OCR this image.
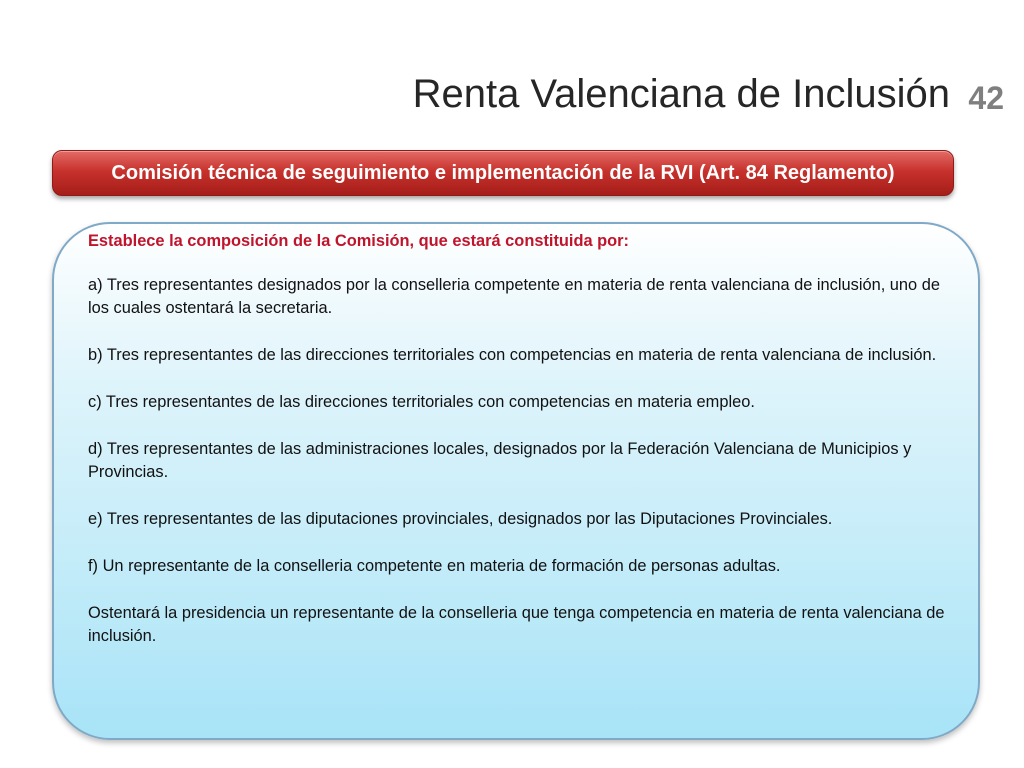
Renta Valenciana de Inclusión 42
Comisión técnica de seguimiento e implementación de la RVI (Art. 84 Reglamento)

Establece la composición de la Comisión, que estará constituida por:

a) Tres representantes designados por la conselleria competente en materia de renta valenciana de inclusión, uno de los cuales ostentará la secretaria.

b) Tres representantes de las direcciones territoriales con competencias en materia de renta valenciana de inclusión.

c) Tres representantes de las direcciones territoriales con competencias en materia empleo.

d) Tres representantes de las administraciones locales, designados por la Federación Valenciana de Municipios y Provincias.

e) Tres representantes de las diputaciones provinciales, designados por las Diputaciones Provinciales.

f) Un representante de la conselleria competente en materia de formación de personas adultas.

Ostentará la presidencia un representante de la conselleria que tenga competencia en materia de renta valenciana de inclusión.
